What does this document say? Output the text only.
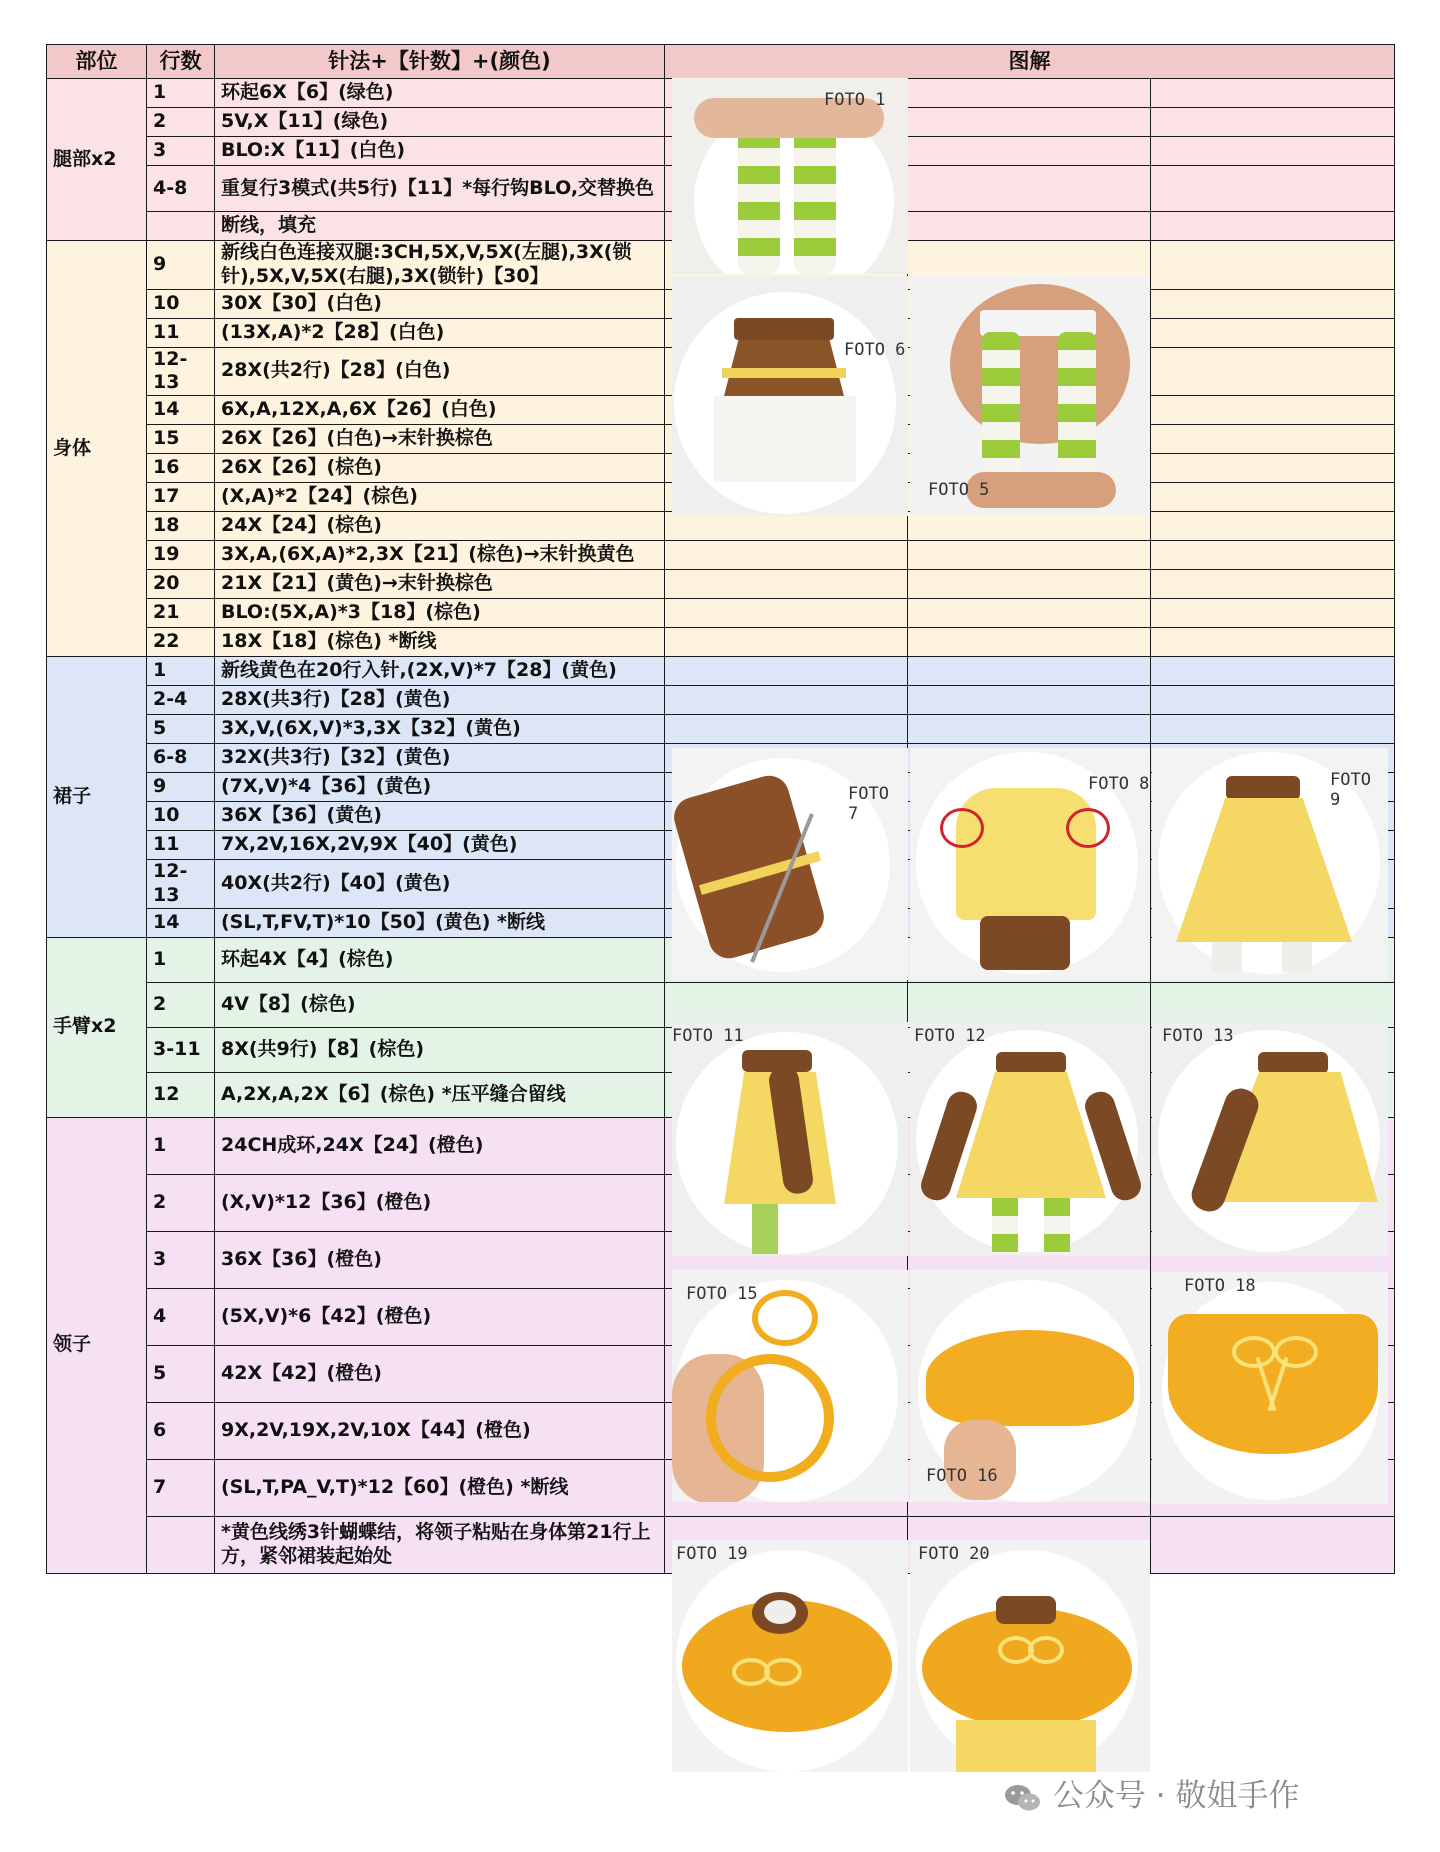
部位	行数	针法+【针数】+(颜色)	图解		
腿部x2	1	环起6X【6】(绿色)			
	2	5V,X【11】(绿色)			
	3	BLO:X【11】(白色)			
	4-8	重复行3模式(共5行)【11】*每行钩BLO,交替换色			
		断线，填充			
身体	9	新线白色连接双腿:3CH,5X,V,5X(左腿),3X(锁针),5X,V,5X(右腿),3X(锁针)【30】			
	10	30X【30】(白色)			
	11	(13X,A)*2【28】(白色)			
	12-13	28X(共2行)【28】(白色)			
	14	6X,A,12X,A,6X【26】(白色)			
	15	26X【26】(白色)→末针换棕色			
	16	26X【26】(棕色)			
	17	(X,A)*2【24】(棕色)			
	18	24X【24】(棕色)			
	19	3X,A,(6X,A)*2,3X【21】(棕色)→末针换黄色			
	20	21X【21】(黄色)→末针换棕色			
	21	BLO:(5X,A)*3【18】(棕色)			
	22	18X【18】(棕色) *断线			
裙子	1	新线黄色在20行入针,(2X,V)*7【28】(黄色)			
	2-4	28X(共3行)【28】(黄色)			
	5	3X,V,(6X,V)*3,3X【32】(黄色)			
	6-8	32X(共3行)【32】(黄色)			
	9	(7X,V)*4【36】(黄色)			
	10	36X【36】(黄色)			
	11	7X,2V,16X,2V,9X【40】(黄色)			
	12-13	40X(共2行)【40】(黄色)			
	14	(SL,T,FV,T)*10【50】(黄色) *断线			
手臂x2	1	环起4X【4】(棕色)			
	2	4V【8】(棕色)			
	3-11	8X(共9行)【8】(棕色)			
	12	A,2X,A,2X【6】(棕色) *压平缝合留线			
领子	1	24CH成环,24X【24】(橙色)			
	2	(X,V)*12【36】(橙色)			
	3	36X【36】(橙色)			
	4	(5X,V)*6【42】(橙色)			
	5	42X【42】(橙色)			
	6	9X,2V,19X,2V,10X【44】(橙色)			
	7	(SL,T,PA_V,T)*12【60】(橙色) *断线			
		*黄色线绣3针蝴蝶结，将领子粘贴在身体第21行上方，紧邻裙装起始处			
FOTO 1
FOTO 6
FOTO 5
FOTO 7
FOTO 8	FOTO 9
FOTO 11	FOTO 12	FOTO 13
FOTO 15
FOTO 16
FOTO 18
FOTO 19	FOTO 20
公众号 · 敬姐手作
